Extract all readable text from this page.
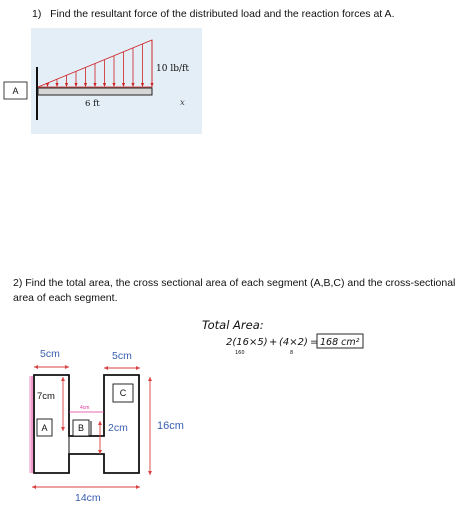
1) Find the resultant force of the distributed load and the reaction forces at A.
10 lb/ft
6 ft	x
A
2) Find the total area, the cross sectional area of each segment (A,B,C) and the cross-sectional area of each segment.
Total Area:
2(16×5) + (4×2) = 168 cm²
160	8
5cm	5cm
7cm
4cm
2cm
A	B
C
16cm
14cm
